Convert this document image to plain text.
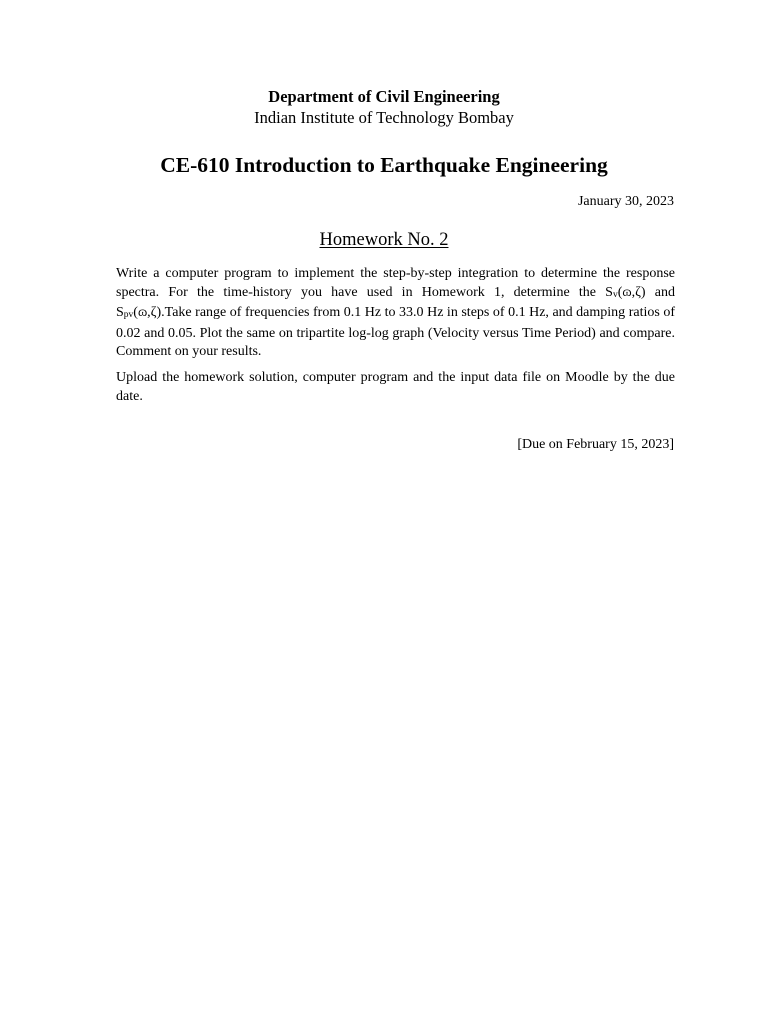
Department of Civil Engineering
Indian Institute of Technology Bombay
CE-610 Introduction to Earthquake Engineering
January 30, 2023
Homework No. 2

Write a computer program to implement the step-by-step integration to determine the response spectra. For the time-history you have used in Homework 1, determine the Sv(ɷ,ζ) and Spv(ɷ,ζ).Take range of frequencies from 0.1 Hz to 33.0 Hz in steps of 0.1 Hz, and damping ratios of 0.02 and 0.05. Plot the same on tripartite log-log graph (Velocity versus Time Period) and compare. Comment on your results.

Upload the homework solution, computer program and the input data file on Moodle by the due date.

[Due on February 15, 2023]
